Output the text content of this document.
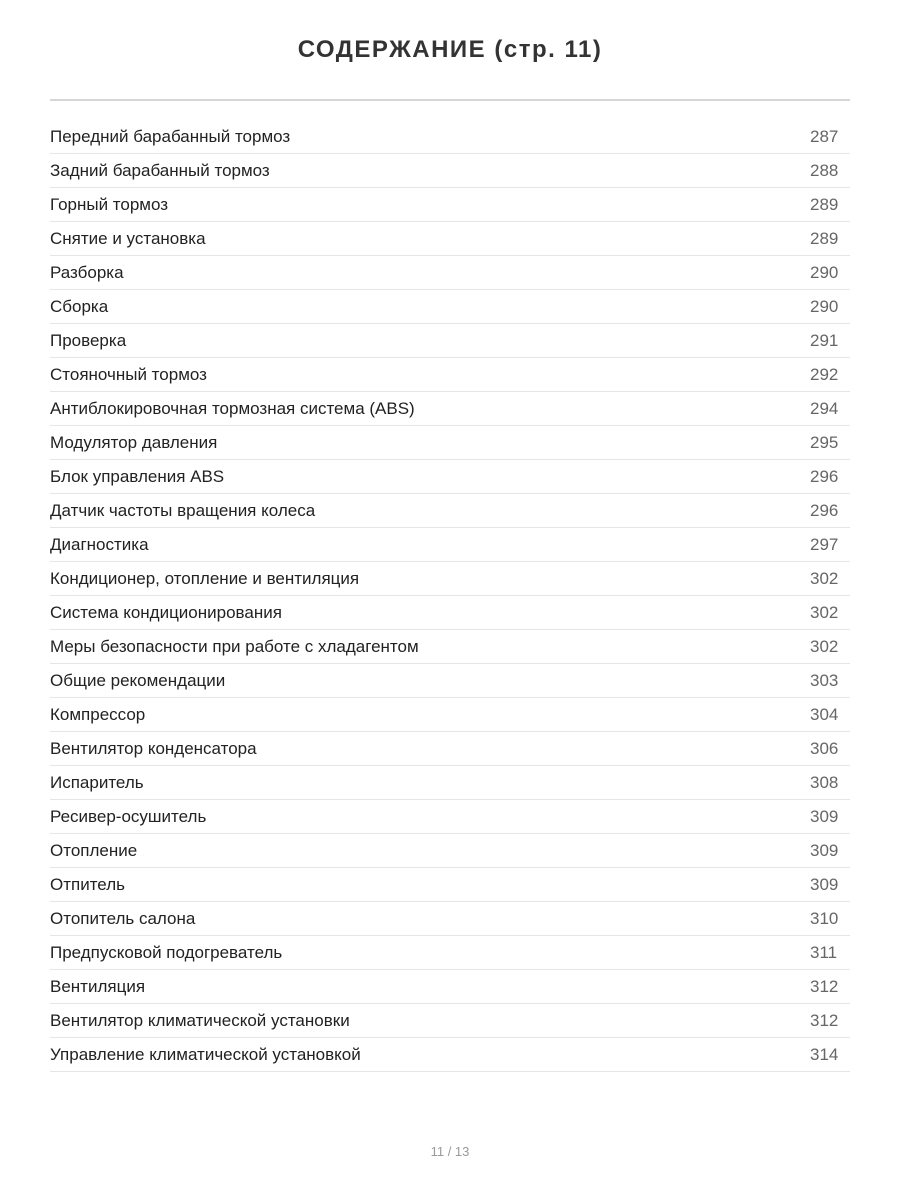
СОДЕРЖАНИЕ (стр. 11)
Передний барабанный тормоз	287
Задний барабанный тормоз	288
Горный тормоз	289
Снятие и установка	289
Разборка	290
Сборка	290
Проверка	291
Стояночный тормоз	292
Антиблокировочная тормозная система (ABS)	294
Модулятор давления	295
Блок управления ABS	296
Датчик частоты вращения колеса	296
Диагностика	297
Кондиционер, отопление и вентиляция	302
Система кондиционирования	302
Меры безопасности при работе с хладагентом	302
Общие рекомендации	303
Компрессор	304
Вентилятор конденсатора	306
Испаритель	308
Ресивер-осушитель	309
Отопление	309
Отпитель	309
Отопитель салона	310
Предпусковой подогреватель	311
Вентиляция	312
Вентилятор климатической установки	312
Управление климатической установкой	314
11 / 13
